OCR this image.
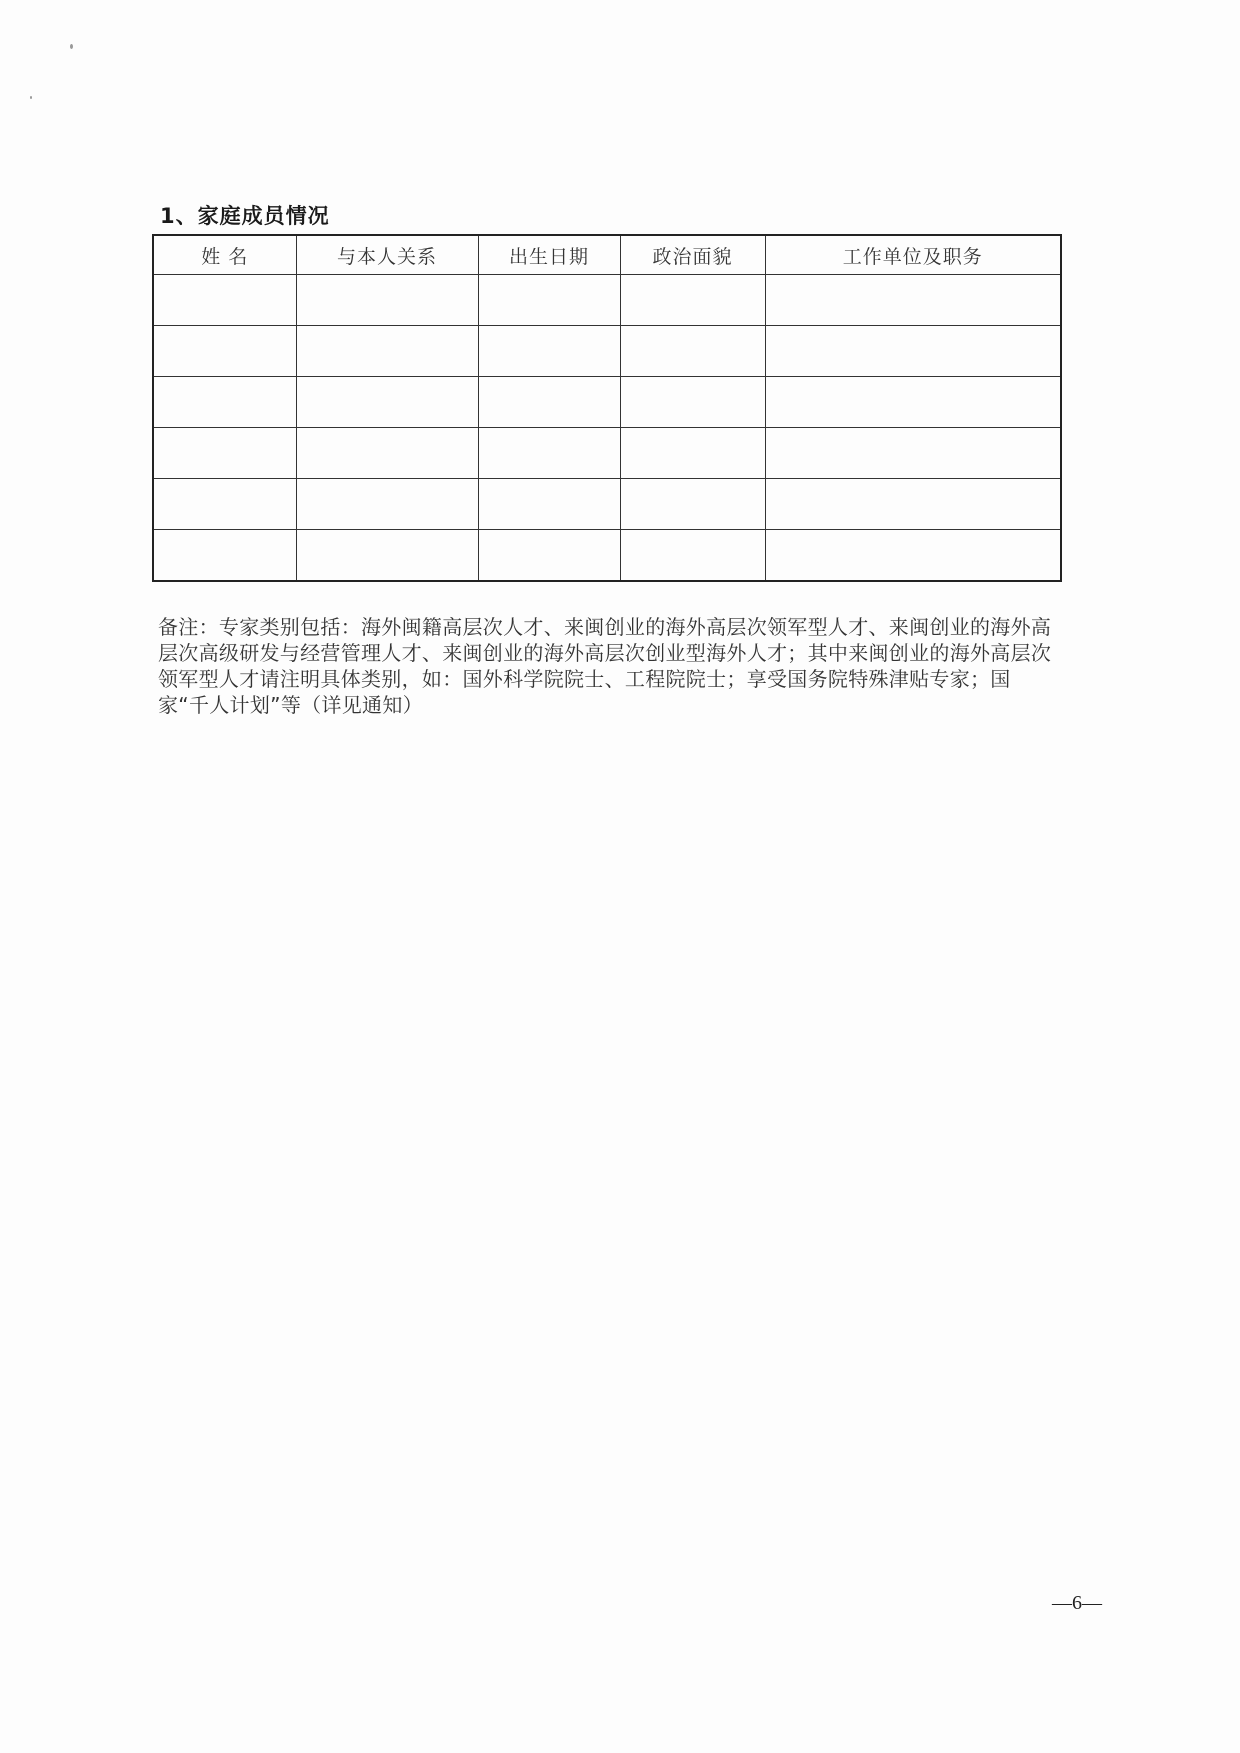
1、家庭成员情况
姓 名	与本人关系	出生日期	政治面貌	工作单位及职务

备注：专家类别包括：海外闽籍高层次人才、来闽创业的海外高层次领军型人才、来闽创业的海外高层次高级研发与经营管理人才、来闽创业的海外高层次创业型海外人才；其中来闽创业的海外高层次领军型人才请注明具体类别，如：国外科学院院士、工程院院士；享受国务院特殊津贴专家；国家“千人计划”等（详见通知）
—6—
